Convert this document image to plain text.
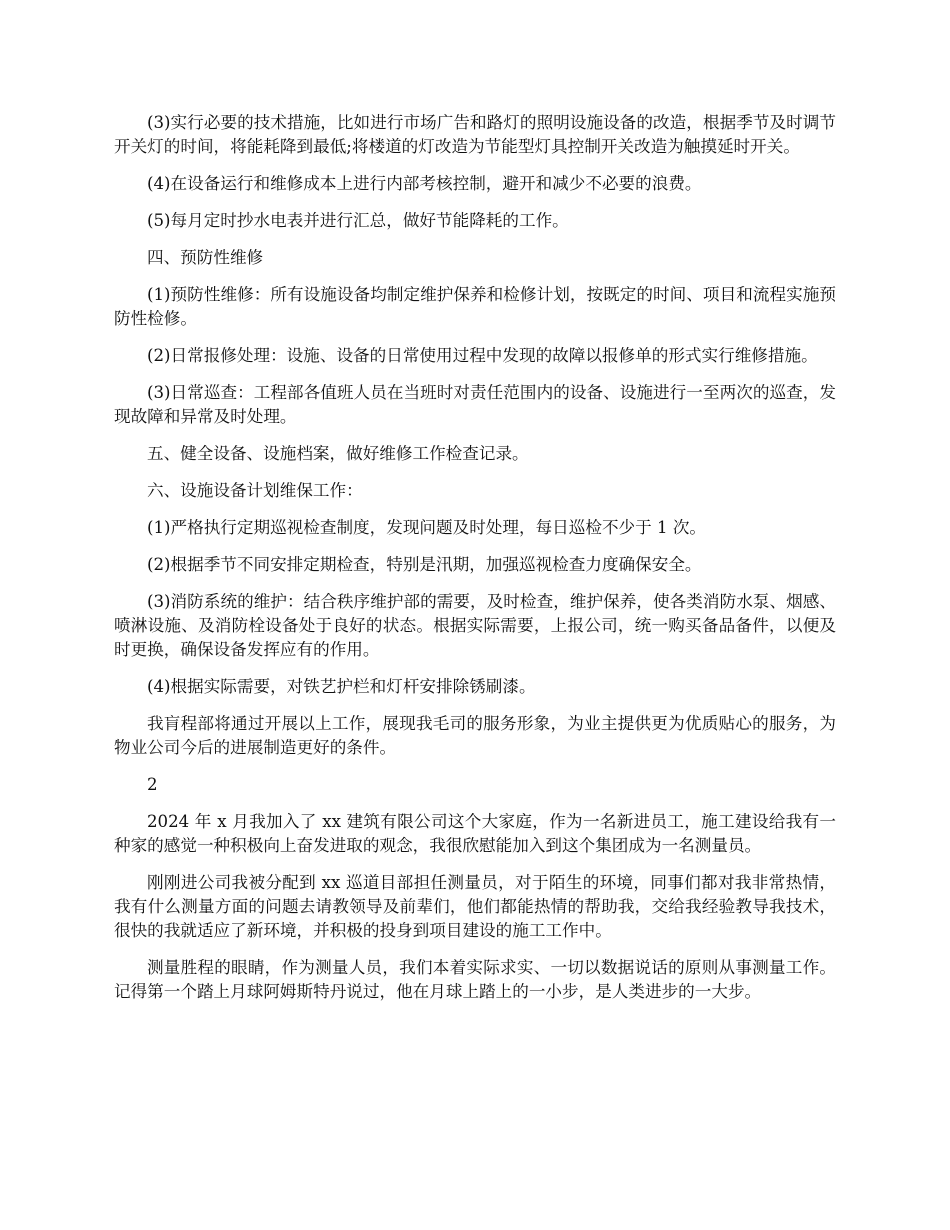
(3)实行必要的技术措施，比如进行市场广告和路灯的照明设施设备的改造，根据季节及时调节开关灯的时间，将能耗降到最低;将楼道的灯改造为节能型灯具控制开关改造为触摸延时开关。

(4)在设备运行和维修成本上进行内部考核控制，避开和减少不必要的浪费。

(5)每月定时抄水电表并进行汇总，做好节能降耗的工作。

四、预防性维修

(1)预防性维修：所有设施设备均制定维护保养和检修计划，按既定的时间、项目和流程实施预防性检修。

(2)日常报修处理：设施、设备的日常使用过程中发现的故障以报修单的形式实行维修措施。

(3)日常巡查：工程部各值班人员在当班时对责任范围内的设备、设施进行一至两次的巡查，发现故障和异常及时处理。

五、健全设备、设施档案，做好维修工作检查记录。

六、设施设备计划维保工作：

(1)严格执行定期巡视检查制度，发现问题及时处理，每日巡检不少于 1 次。

(2)根据季节不同安排定期检查，特别是汛期，加强巡视检查力度确保安全。

(3)消防系统的维护：结合秩序维护部的需要，及时检查，维护保养，使各类消防水泵、烟感、喷淋设施、及消防栓设备处于良好的状态。根据实际需要，上报公司，统一购买备品备件，以便及时更换，确保设备发挥应有的作用。

(4)根据实际需要，对铁艺护栏和灯杆安排除锈刷漆。

我肓程部将通过开展以上工作，展现我毛司的服务形象，为业主提供更为优质贴心的服务，为物业公司今后的进展制造更好的条件。

2

2024 年 x 月我加入了 xx 建筑有限公司这个大家庭，作为一名新进员工，施工建设给我有一种家的感觉一种积极向上奋发进取的观念，我很欣慰能加入到这个集团成为一名测量员。

刚刚进公司我被分配到 xx 巡道目部担任测量员，对于陌生的环境，同事们都对我非常热情，我有什么测量方面的问题去请教领导及前辈们，他们都能热情的帮助我，交给我经验教导我技术，很快的我就适应了新环境，并积极的投身到项目建设的施工工作中。

测量胜程的眼睛，作为测量人员，我们本着实际求实、一切以数据说话的原则从事测量工作。记得第一个踏上月球阿姆斯特丹说过，他在月球上踏上的一小步，是人类进步的一大步。
